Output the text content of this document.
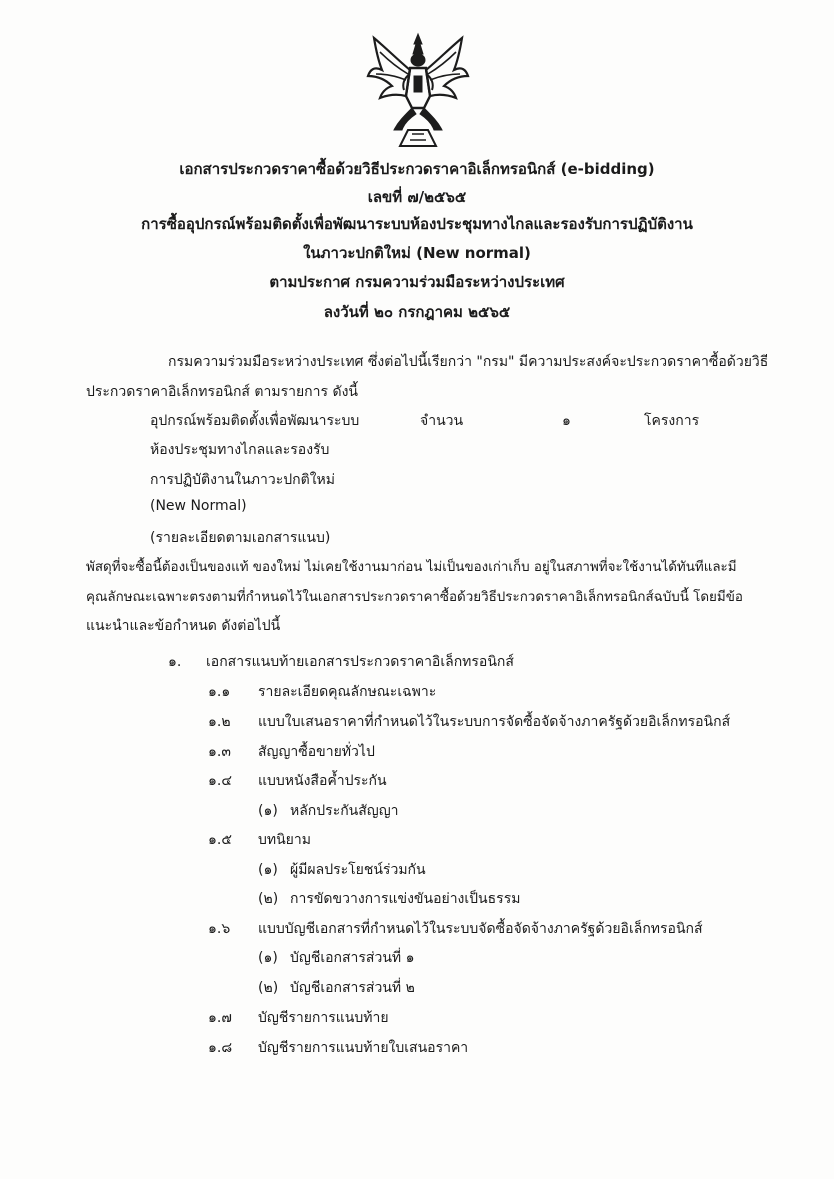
เอกสารประกวดราคาซื้อด้วยวิธีประกวดราคาอิเล็กทรอนิกส์ (e-bidding)
เลขที่ ๗/๒๕๖๕
การซื้ออุปกรณ์พร้อมติดตั้งเพื่อพัฒนาระบบห้องประชุมทางไกลและรองรับการปฏิบัติงาน
ในภาวะปกติใหม่ (New normal)
ตามประกาศ กรมความร่วมมือระหว่างประเทศ
ลงวันที่ ๒๐ กรกฎาคม ๒๕๖๕
กรมความร่วมมือระหว่างประเทศ ซึ่งต่อไปนี้เรียกว่า "กรม" มีความประสงค์จะประกวดราคาซื้อด้วยวิธี
ประกวดราคาอิเล็กทรอนิกส์ ตามรายการ ดังนี้
อุปกรณ์พร้อมติดตั้งเพื่อพัฒนาระบบ	จำนวน	๑	โครงการ
ห้องประชุมทางไกลและรองรับ
การปฏิบัติงานในภาวะปกติใหม่
(New Normal)
(รายละเอียดตามเอกสารแนบ)
พัสดุที่จะซื้อนี้ต้องเป็นของแท้ ของใหม่ ไม่เคยใช้งานมาก่อน ไม่เป็นของเก่าเก็บ อยู่ในสภาพที่จะใช้งานได้ทันทีและมี
คุณลักษณะเฉพาะตรงตามที่กำหนดไว้ในเอกสารประกวดราคาซื้อด้วยวิธีประกวดราคาอิเล็กทรอนิกส์ฉบับนี้ โดยมีข้อ
แนะนำและข้อกำหนด ดังต่อไปนี้
๑. เอกสารแนบท้ายเอกสารประกวดราคาอิเล็กทรอนิกส์
๑.๑ รายละเอียดคุณลักษณะเฉพาะ
๑.๒ แบบใบเสนอราคาที่กำหนดไว้ในระบบการจัดซื้อจัดจ้างภาครัฐด้วยอิเล็กทรอนิกส์
๑.๓ สัญญาซื้อขายทั่วไป
๑.๔ แบบหนังสือค้ำประกัน
(๑) หลักประกันสัญญา
๑.๕ บทนิยาม
(๑) ผู้มีผลประโยชน์ร่วมกัน
(๒) การขัดขวางการแข่งขันอย่างเป็นธรรม
๑.๖ แบบบัญชีเอกสารที่กำหนดไว้ในระบบจัดซื้อจัดจ้างภาครัฐด้วยอิเล็กทรอนิกส์
(๑) บัญชีเอกสารส่วนที่ ๑
(๒) บัญชีเอกสารส่วนที่ ๒
๑.๗ บัญชีรายการแนบท้าย
๑.๘ บัญชีรายการแนบท้ายใบเสนอราคา
